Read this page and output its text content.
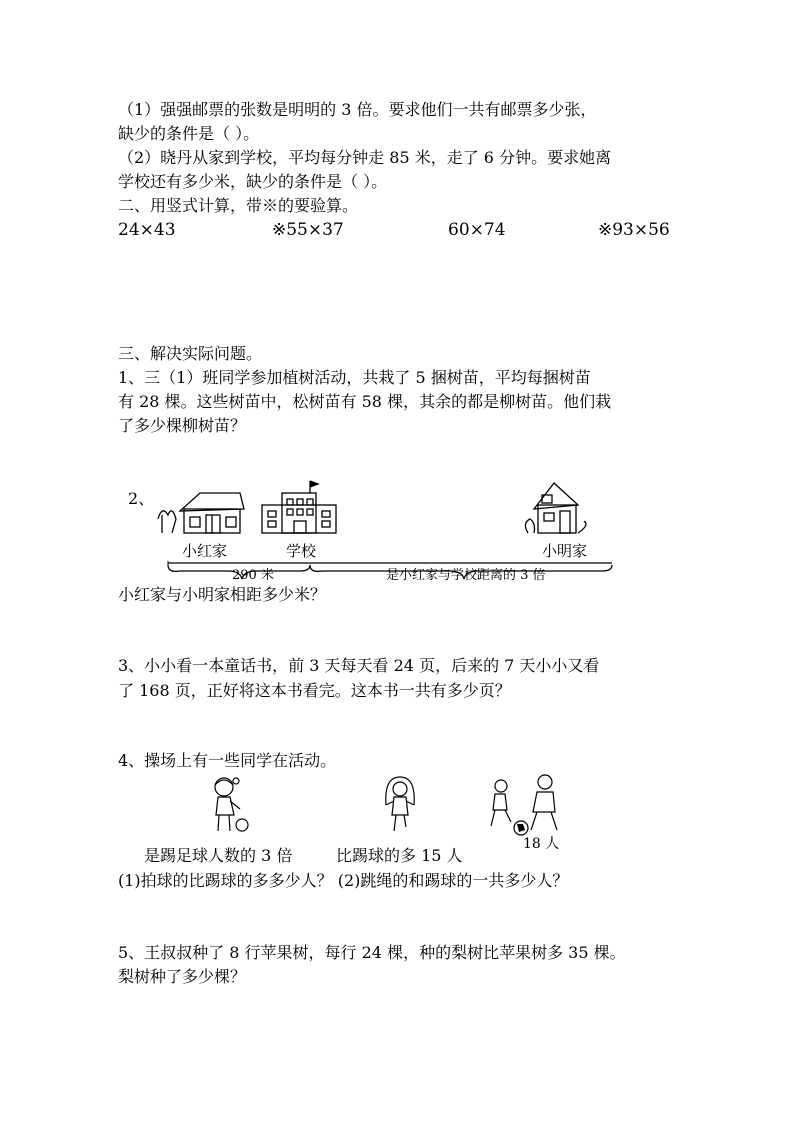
（1）强强邮票的张数是明明的 3 倍。要求他们一共有邮票多少张，
缺少的条件是（ ）。
（2）晓丹从家到学校，平均每分钟走 85 米，走了 6 分钟。要求她离
学校还有多少米，缺少的条件是（ ）。
二、用竖式计算，带※的要验算。
24×43	※55×37	60×74	※93×56
三、解决实际问题。
1、三（1）班同学参加植树活动，共栽了 5 捆树苗，平均每捆树苗
有 28 棵。这些树苗中，松树苗有 58 棵，其余的都是柳树苗。他们栽
了多少棵柳树苗？
2、
小红家	学校	小明家
290 米	是小红家与学校距离的 3 倍
小红家与小明家相距多少米？
3、小小看一本童话书，前 3 天每天看 24 页，后来的 7 天小小又看
了 168 页，正好将这本书看完。这本书一共有多少页？
4、操场上有一些同学在活动。
是踢足球人数的 3 倍	比踢球的多 15 人
18 人
(1)拍球的比踢球的多多少人？ (2)跳绳的和踢球的一共多少人？
5、王叔叔种了 8 行苹果树，每行 24 棵，种的梨树比苹果树多 35 棵。
梨树种了多少棵？
